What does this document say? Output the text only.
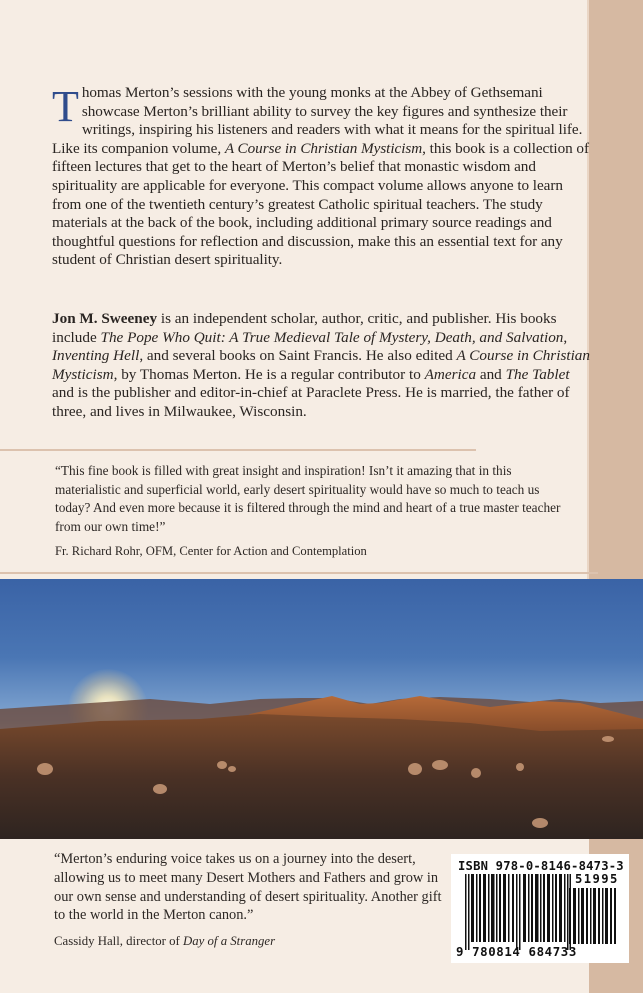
Thomas Merton’s sessions with the young monks at the Abbey of Gethsemani showcase Merton’s brilliant ability to survey the key figures and synthesize their writings, inspiring his listeners and readers with what it means for the spiritual life. Like its companion volume, A Course in Christian Mysticism, this book is a collection of fifteen lectures that get to the heart of Merton’s belief that monastic wisdom and spirituality are applicable for everyone. This compact volume allows anyone to learn from one of the twentieth century’s greatest Catholic spiritual teachers. The study materials at the back of the book, including additional primary source readings and thoughtful questions for reflection and discussion, make this an essential text for any student of Christian desert spirituality.

Jon M. Sweeney is an independent scholar, author, critic, and publisher. His books include The Pope Who Quit: A True Medieval Tale of Mystery, Death, and Salvation, Inventing Hell, and several books on Saint Francis. He also edited A Course in Christian Mysticism, by Thomas Merton. He is a regular contributor to America and The Tablet and is the publisher and editor-in-chief at Paraclete Press. He is married, the father of three, and lives in Milwaukee, Wisconsin.

“This fine book is filled with great insight and inspiration! Isn’t it amazing that in this materialistic and superficial world, early desert spirituality would have so much to teach us today? And even more because it is filtered through the mind and heart of a true master teacher from our own time!”

Fr. Richard Rohr, OFM, Center for Action and Contemplation

“Merton’s enduring voice takes us on a journey into the desert, allowing us to meet many Desert Mothers and Fathers and grow in our own sense and understanding of desert spirituality. Another gift to the world in the Merton canon.”

Cassidy Hall, director of Day of a Stranger

ISBN 978-0-8146-8473-3
51995
9 780814 684733
